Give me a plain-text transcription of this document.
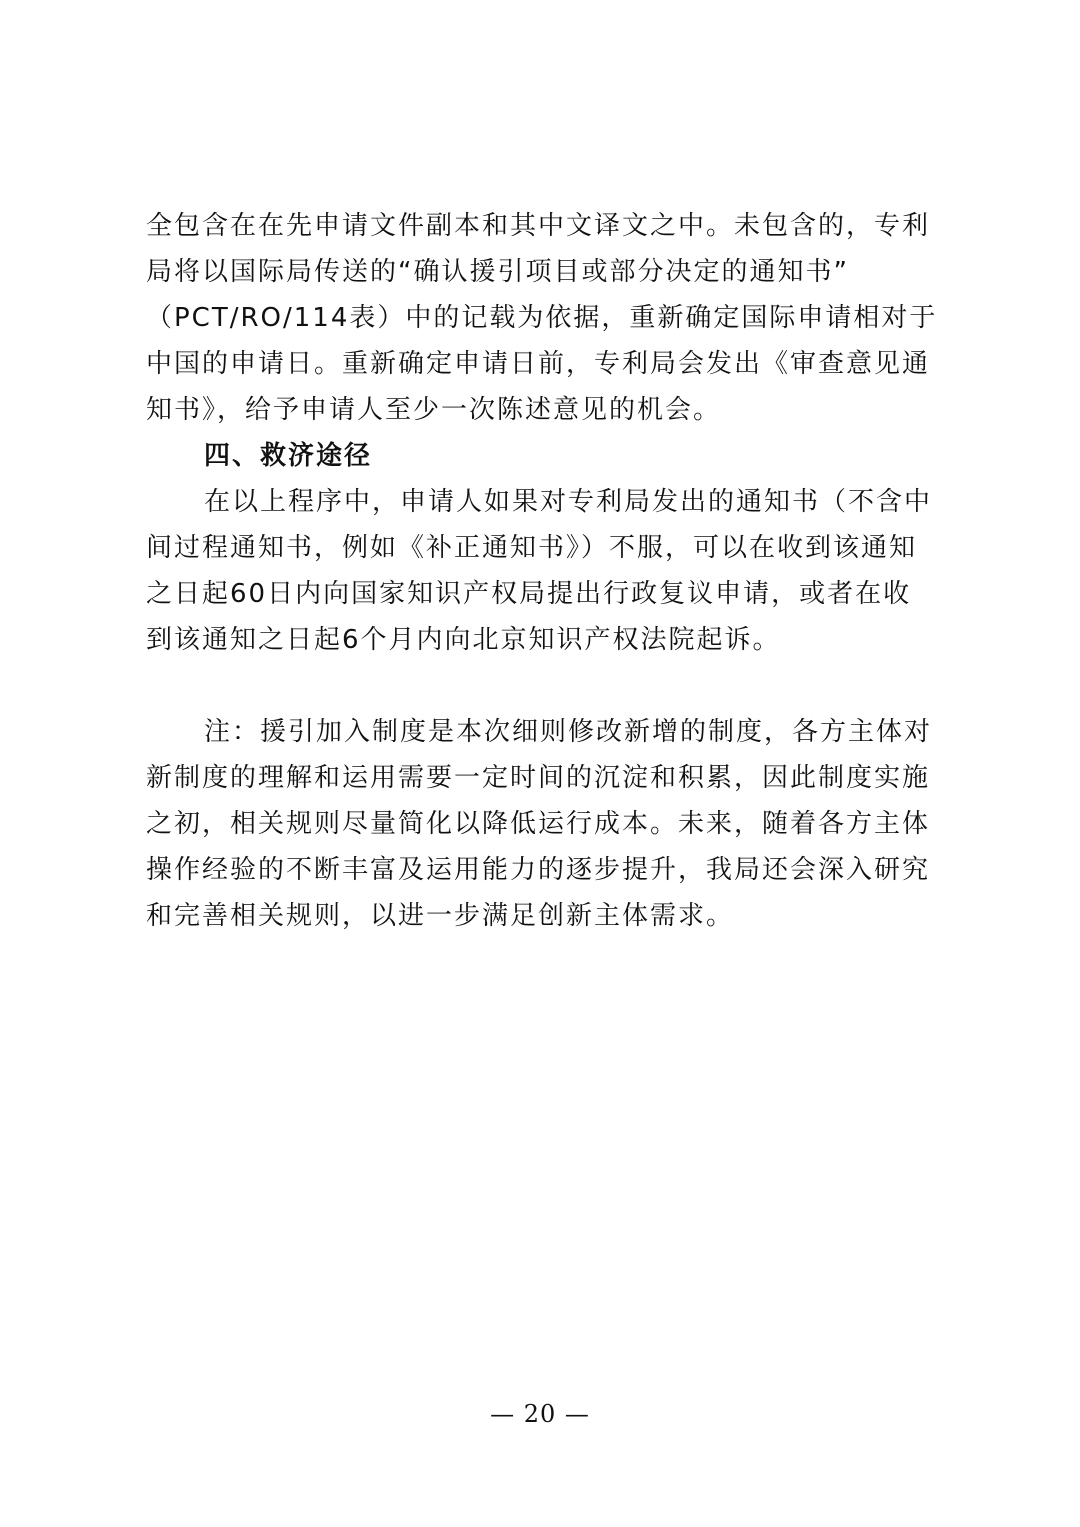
全包含在在先申请文件副本和其中文译文之中。未包含的，专利
局将以国际局传送的“确认援引项目或部分决定的通知书”
（PCT/RO/114表）中的记载为依据，重新确定国际申请相对于
中国的申请日。重新确定申请日前，专利局会发出《审查意见通
知书》，给予申请人至少一次陈述意见的机会。

四、救济途径

在以上程序中，申请人如果对专利局发出的通知书（不含中
间过程通知书，例如《补正通知书》）不服，可以在收到该通知
之日起60日内向国家知识产权局提出行政复议申请，或者在收
到该通知之日起6个月内向北京知识产权法院起诉。

注：援引加入制度是本次细则修改新增的制度，各方主体对
新制度的理解和运用需要一定时间的沉淀和积累，因此制度实施
之初，相关规则尽量简化以降低运行成本。未来，随着各方主体
操作经验的不断丰富及运用能力的逐步提升，我局还会深入研究
和完善相关规则，以进一步满足创新主体需求。

— 20 —
